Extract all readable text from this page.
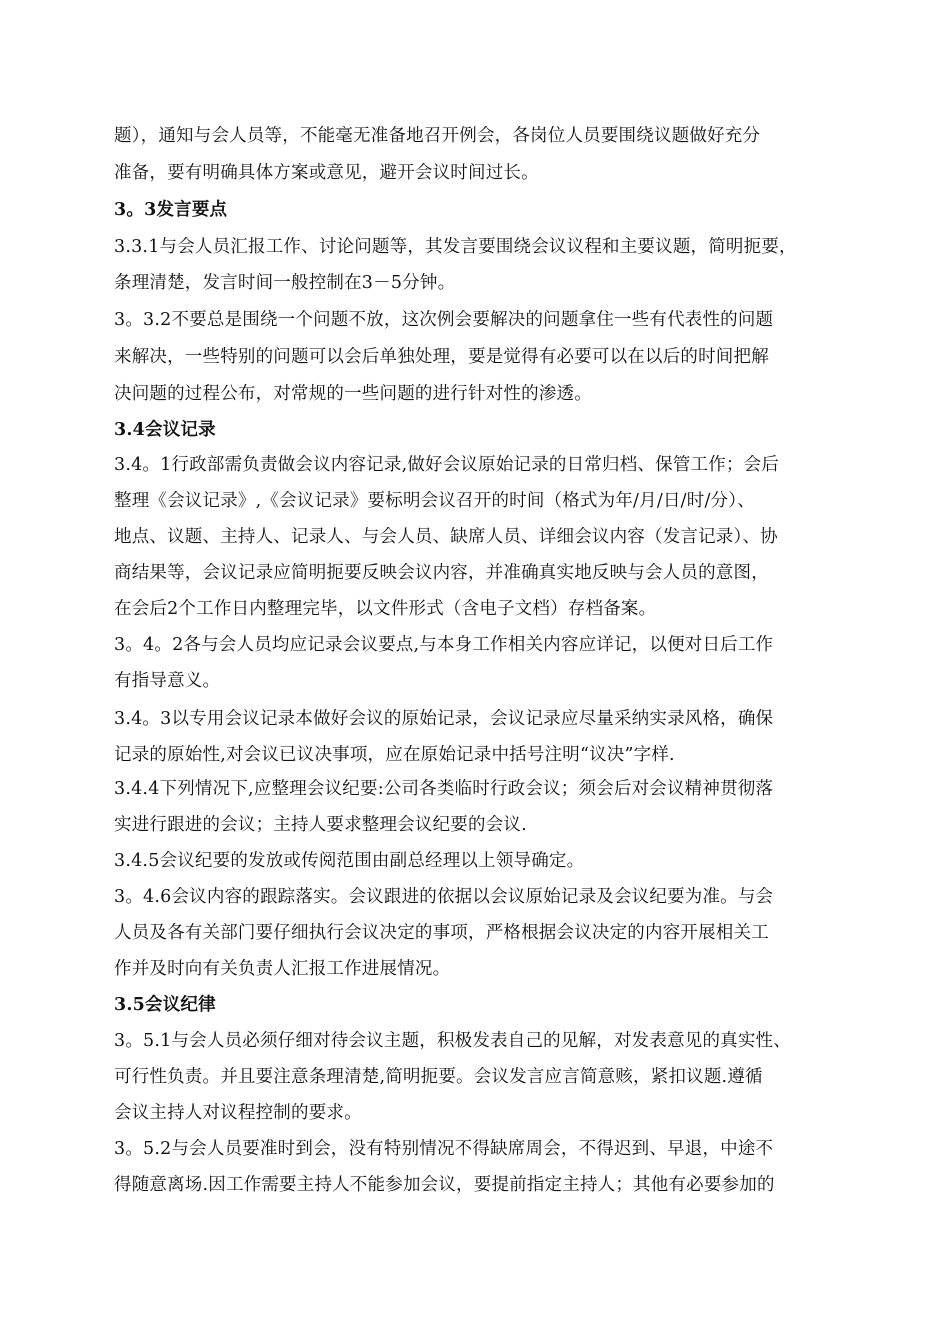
题），通知与会人员等，不能毫无准备地召开例会，各岗位人员要围绕议题做好充分
准备，要有明确具体方案或意见，避开会议时间过长。
3。3发言要点
3.3.1与会人员汇报工作、讨论问题等，其发言要围绕会议议程和主要议题，简明扼要，
条理清楚，发言时间一般控制在3－5分钟。
3。3.2不要总是围绕一个问题不放，这次例会要解决的问题拿住一些有代表性的问题
来解决，一些特别的问题可以会后单独处理，要是觉得有必要可以在以后的时间把解
决问题的过程公布，对常规的一些问题的进行针对性的渗透。
3.4会议记录
3.4。1行政部需负责做会议内容记录,做好会议原始记录的日常归档、保管工作；会后
整理《会议记录》,《会议记录》要标明会议召开的时间（格式为年/月/日/时/分）、
地点、议题、主持人、记录人、与会人员、缺席人员、详细会议内容（发言记录）、协
商结果等，会议记录应简明扼要反映会议内容，并准确真实地反映与会人员的意图，
在会后2个工作日内整理完毕，以文件形式（含电子文档）存档备案。
3。4。2各与会人员均应记录会议要点,与本身工作相关内容应详记，以便对日后工作
有指导意义。
3.4。3以专用会议记录本做好会议的原始记录，会议记录应尽量采纳实录风格，确保
记录的原始性,对会议已议决事项，应在原始记录中括号注明“议决”字样.
3.4.4下列情况下,应整理会议纪要:公司各类临时行政会议；须会后对会议精神贯彻落
实进行跟进的会议；主持人要求整理会议纪要的会议.
3.4.5会议纪要的发放或传阅范围由副总经理以上领导确定。
3。4.6会议内容的跟踪落实。会议跟进的依据以会议原始记录及会议纪要为准。与会
人员及各有关部门要仔细执行会议决定的事项，严格根据会议决定的内容开展相关工
作并及时向有关负责人汇报工作进展情况。
3.5会议纪律
3。5.1与会人员必须仔细对待会议主题，积极发表自己的见解，对发表意见的真实性、
可行性负责。并且要注意条理清楚,简明扼要。会议发言应言简意赅，紧扣议题.遵循
会议主持人对议程控制的要求。
3。5.2与会人员要准时到会，没有特别情况不得缺席周会，不得迟到、早退，中途不
得随意离场.因工作需要主持人不能参加会议，要提前指定主持人；其他有必要参加的
